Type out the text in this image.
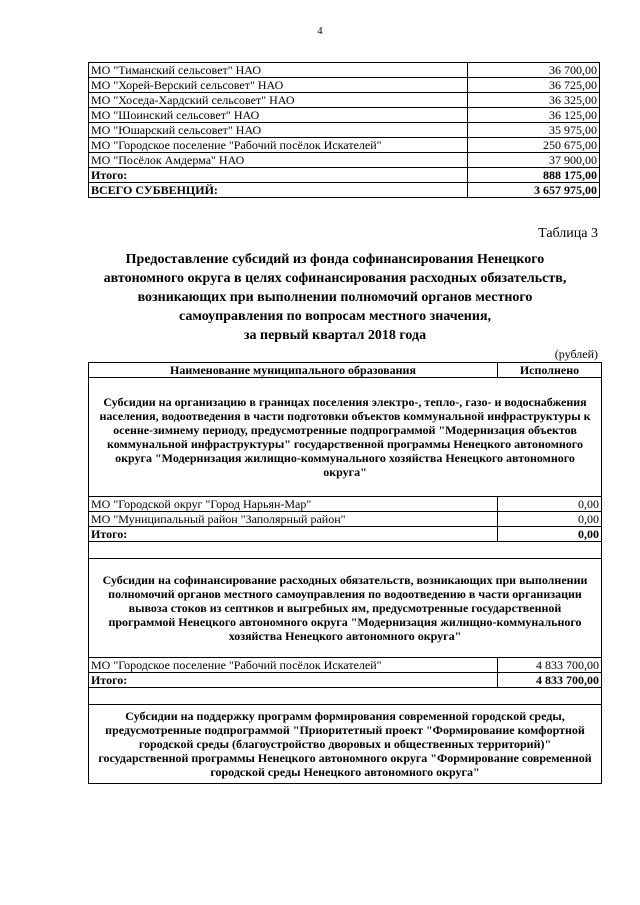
4
МО "Тиманский сельсовет" НАО	36 700,00
МО "Хорей-Верский сельсовет" НАО	36 725,00
МО "Хоседа-Хардский сельсовет" НАО	36 325,00
МО "Шоинский сельсовет" НАО	36 125,00
МО "Юшарский сельсовет" НАО	35 975,00
МО "Городское поселение "Рабочий посёлок Искателей"	250 675,00
МО "Посёлок Амдерма" НАО	37 900,00
Итого:	888 175,00
ВСЕГО СУБВЕНЦИЙ:	3 657 975,00
Таблица 3
Предоставление субсидий из фонда софинансирования Ненецкого
автономного округа в целях софинансирования расходных обязательств,
возникающих при выполнении полномочий органов местного
самоуправления по вопросам местного значения,
за первый квартал 2018 года
(рублей)
Наименование муниципального образования	Исполнено
Субсидии на организацию в границах поселения электро-, тепло-, газо- и водоснабжения населения, водоотведения в части подготовки объектов коммунальной инфраструктуры к осенне-зимнему периоду, предусмотренные подпрограммой "Модернизация объектов коммунальной инфраструктуры" государственной программы Ненецкого автономного округа "Модернизация жилищно-коммунального хозяйства Ненецкого автономного округа"	
МО "Городской округ "Город Нарьян-Мар"	0,00
МО "Муниципальный район "Заполярный район"	0,00
Итого:	0,00

Субсидии на софинансирование расходных обязательств, возникающих при выполнении полномочий органов местного самоуправления по водоотведению в части организации вывоза стоков из септиков и выгребных ям, предусмотренные государственной программой Ненецкого автономного округа "Модернизация жилищно-коммунального хозяйства Ненецкого автономного округа"	
МО "Городское поселение "Рабочий посёлок Искателей"	4 833 700,00
Итого:	4 833 700,00

Субсидии на поддержку программ формирования современной городской среды, предусмотренные подпрограммой "Приоритетный проект "Формирование комфортной городской среды (благоустройство дворовых и общественных территорий)" государственной программы Ненецкого автономного округа "Формирование современной городской среды Ненецкого автономного округа"	
